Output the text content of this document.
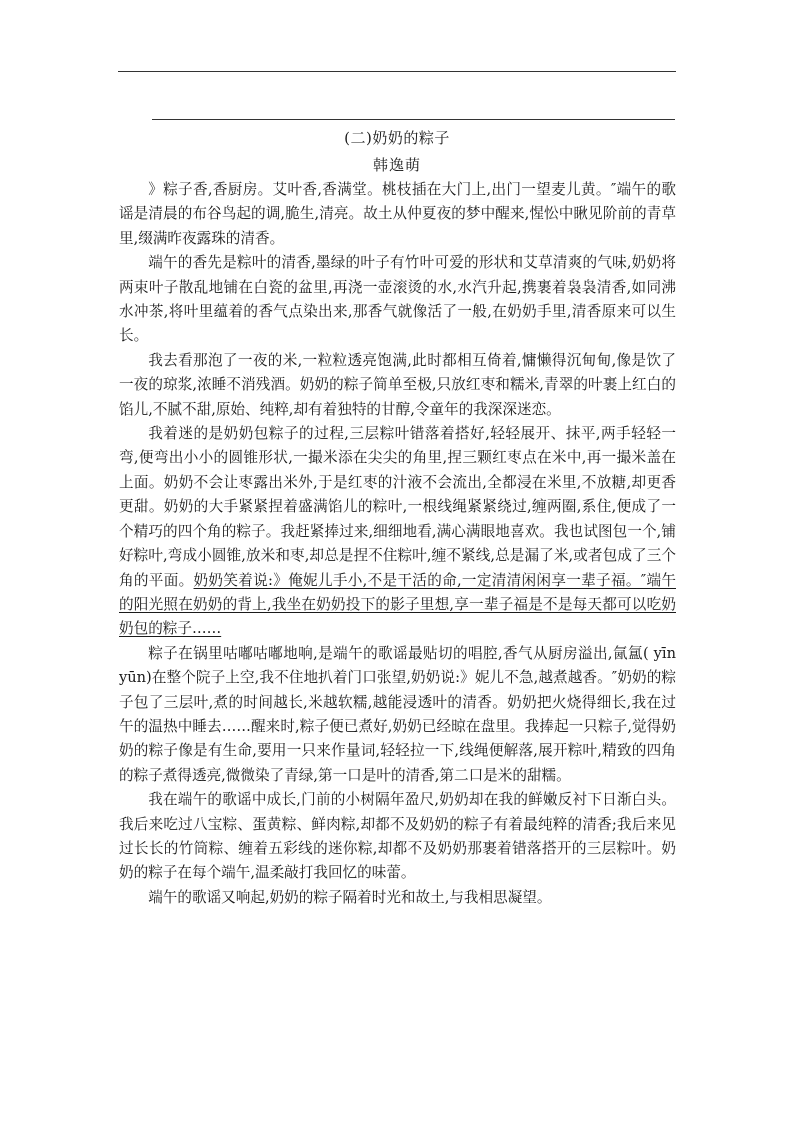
(二)奶奶的粽子
韩逸萌

》粽子香,香厨房。艾叶香,香满堂。桃枝插在大门上,出门一望麦儿黄。″端午的歌谣是清晨的布谷鸟起的调,脆生,清亮。故土从仲夏夜的梦中醒来,惺忪中瞅见阶前的青草里,缀满昨夜露珠的清香。

端午的香先是粽叶的清香,墨绿的叶子有竹叶可爱的形状和艾草清爽的气味,奶奶将两束叶子散乱地铺在白瓷的盆里,再浇一壶滚烫的水,水汽升起,携裹着袅袅清香,如同沸水冲茶,将叶里蕴着的香气点染出来,那香气就像活了一般,在奶奶手里,清香原来可以生长。

我去看那泡了一夜的米,一粒粒透亮饱满,此时都相互倚着,慵懒得沉甸甸,像是饮了一夜的琼浆,浓睡不消残酒。奶奶的粽子简单至极,只放红枣和糯米,青翠的叶裹上红白的馅儿,不腻不甜,原始、纯粹,却有着独特的甘醇,令童年的我深深迷恋。

我着迷的是奶奶包粽子的过程,三层粽叶错落着搭好,轻轻展开、抹平,两手轻轻一弯,便弯出小小的圆锥形状,一撮米添在尖尖的角里,捏三颗红枣点在米中,再一撮米盖在上面。奶奶不会让枣露出米外,于是红枣的汁液不会流出,全都浸在米里,不放糖,却更香更甜。奶奶的大手紧紧捏着盛满馅儿的粽叶,一根线绳紧紧绕过,缠两圈,系住,便成了一个精巧的四个角的粽子。我赶紧捧过来,细细地看,满心满眼地喜欢。我也试图包一个,铺好粽叶,弯成小圆锥,放米和枣,却总是捏不住粽叶,缠不紧线,总是漏了米,或者包成了三个角的平面。奶奶笑着说:》俺妮儿手小,不是干活的命,一定清清闲闲享一辈子福。″端午的阳光照在奶奶的背上,我坐在奶奶投下的影子里想,享一辈子福是不是每天都可以吃奶奶包的粽子……

粽子在锅里咕嘟咕嘟地响,是端午的歌谣最贴切的唱腔,香气从厨房溢出,氤氲( yīn yūn)在整个院子上空,我不住地扒着门口张望,奶奶说:》妮儿不急,越煮越香。″奶奶的粽子包了三层叶,煮的时间越长,米越软糯,越能浸透叶的清香。奶奶把火烧得细长,我在过午的温热中睡去……醒来时,粽子便已煮好,奶奶已经晾在盘里。我捧起一只粽子,觉得奶奶的粽子像是有生命,要用一只来作量词,轻轻拉一下,线绳便解落,展开粽叶,精致的四角的粽子煮得透亮,微微染了青绿,第一口是叶的清香,第二口是米的甜糯。

我在端午的歌谣中成长,门前的小树隔年盈尺,奶奶却在我的鲜嫩反衬下日渐白头。我后来吃过八宝粽、蛋黄粽、鲜肉粽,却都不及奶奶的粽子有着最纯粹的清香;我后来见过长长的竹筒粽、缠着五彩线的迷你粽,却都不及奶奶那裹着错落搭开的三层粽叶。奶奶的粽子在每个端午,温柔敲打我回忆的味蕾。

端午的歌谣又响起,奶奶的粽子隔着时光和故土,与我相思凝望。
